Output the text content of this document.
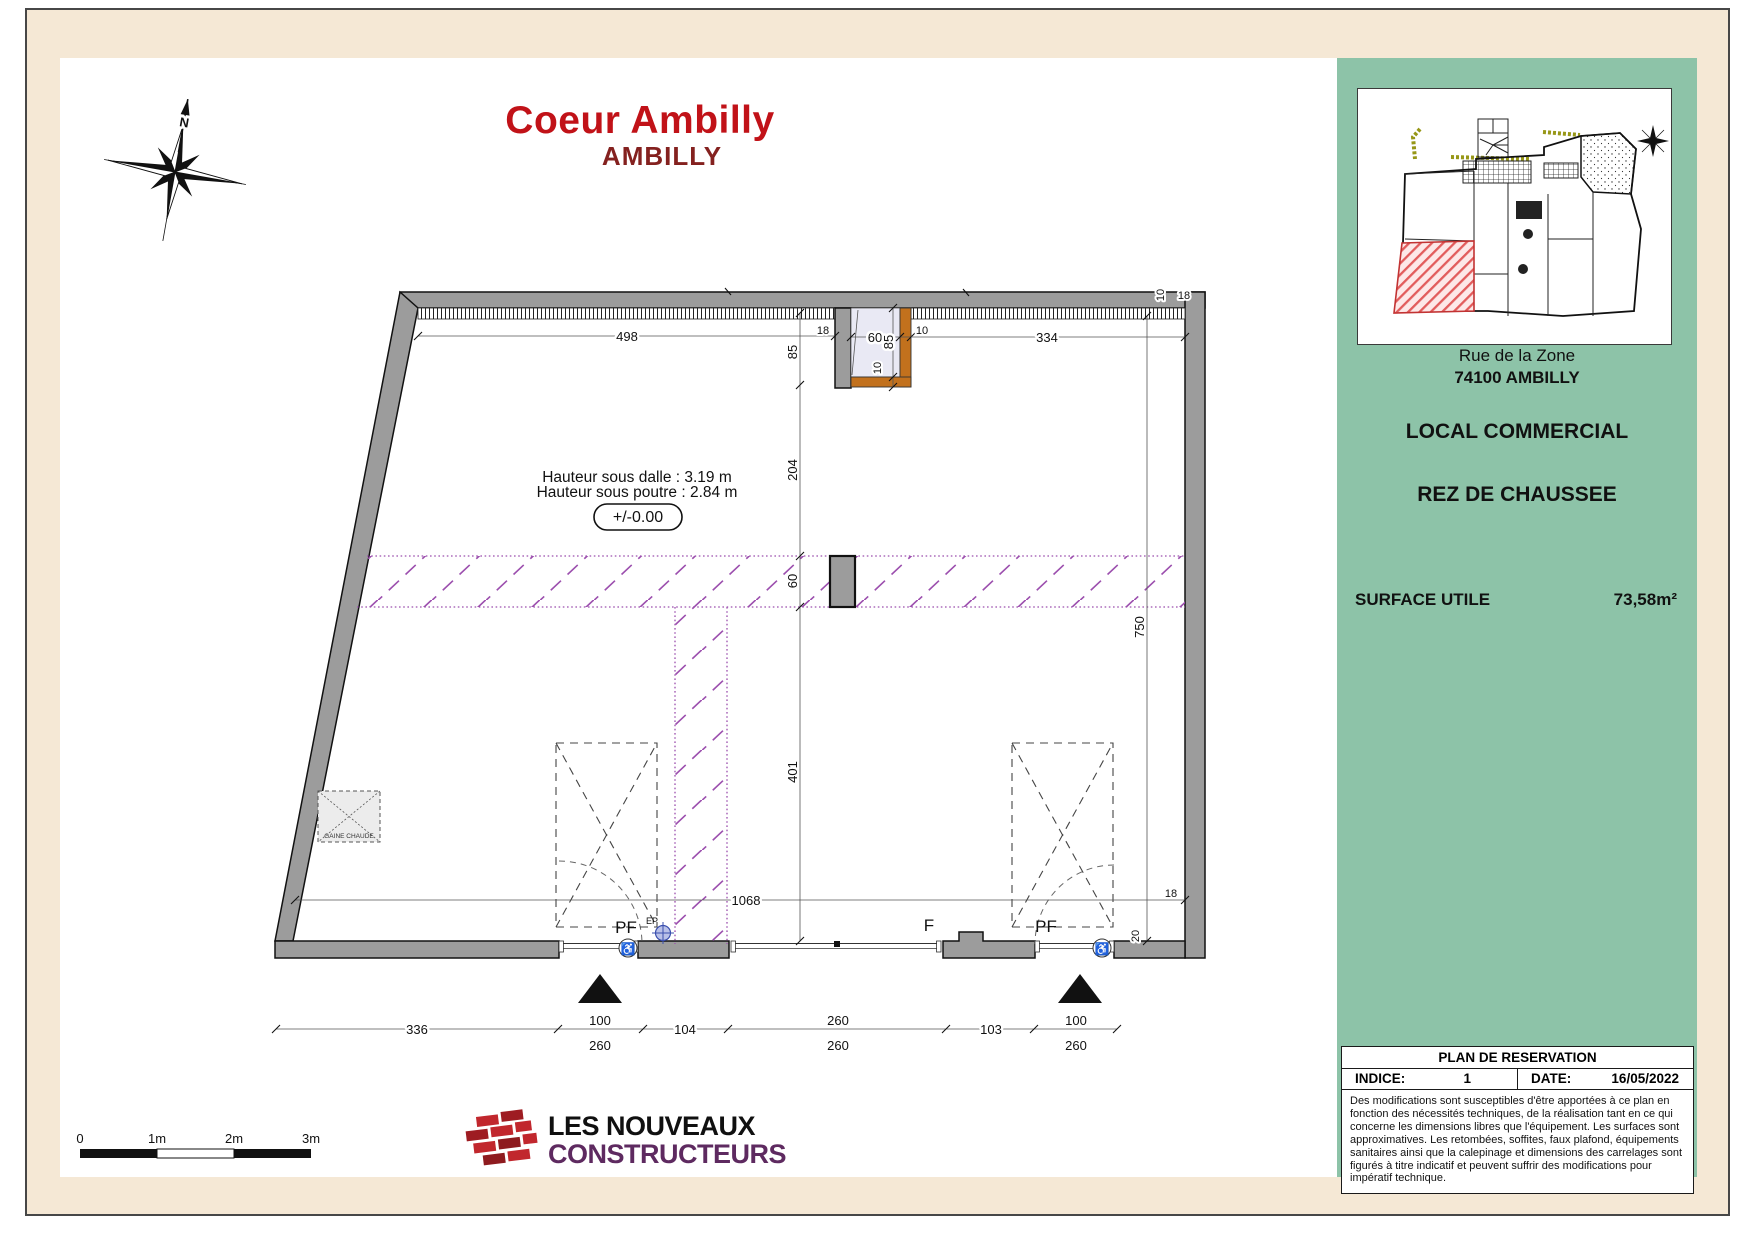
N
♿	♿
GAINE CHAUDE
498	18	60	10	334
10 18
85
10
85
204
60
401
750
1068	18
20
336
100
260
104
260
260
103
100
260
Hauteur sous dalle : 3.19 m
Hauteur sous poutre : 2.84 m
+/-0.00
PF	F	PF
EP
0	1m	2m	3m
Coeur Ambilly
AMBILLY
LES NOUVEAUX
CONSTRUCTEURS
Rue de la Zone
74100 AMBILLY
LOCAL COMMERCIAL
REZ DE CHAUSSEE
SURFACE UTILE	73,58m²
PLAN DE RESERVATION
INDICE:	1	DATE:	16/05/2022
Des modifications sont susceptibles d'être apportées à ce plan en fonction des nécessités techniques, de la réalisation tant en ce qui concerne les dimensions libres que l'équipement. Les surfaces sont approximatives. Les retombées, soffites, faux plafond, équipements sanitaires ainsi que la calepinage et dimensions des carrelages sont figurés à titre indicatif et peuvent suffrir des modifications pour impératif technique.
